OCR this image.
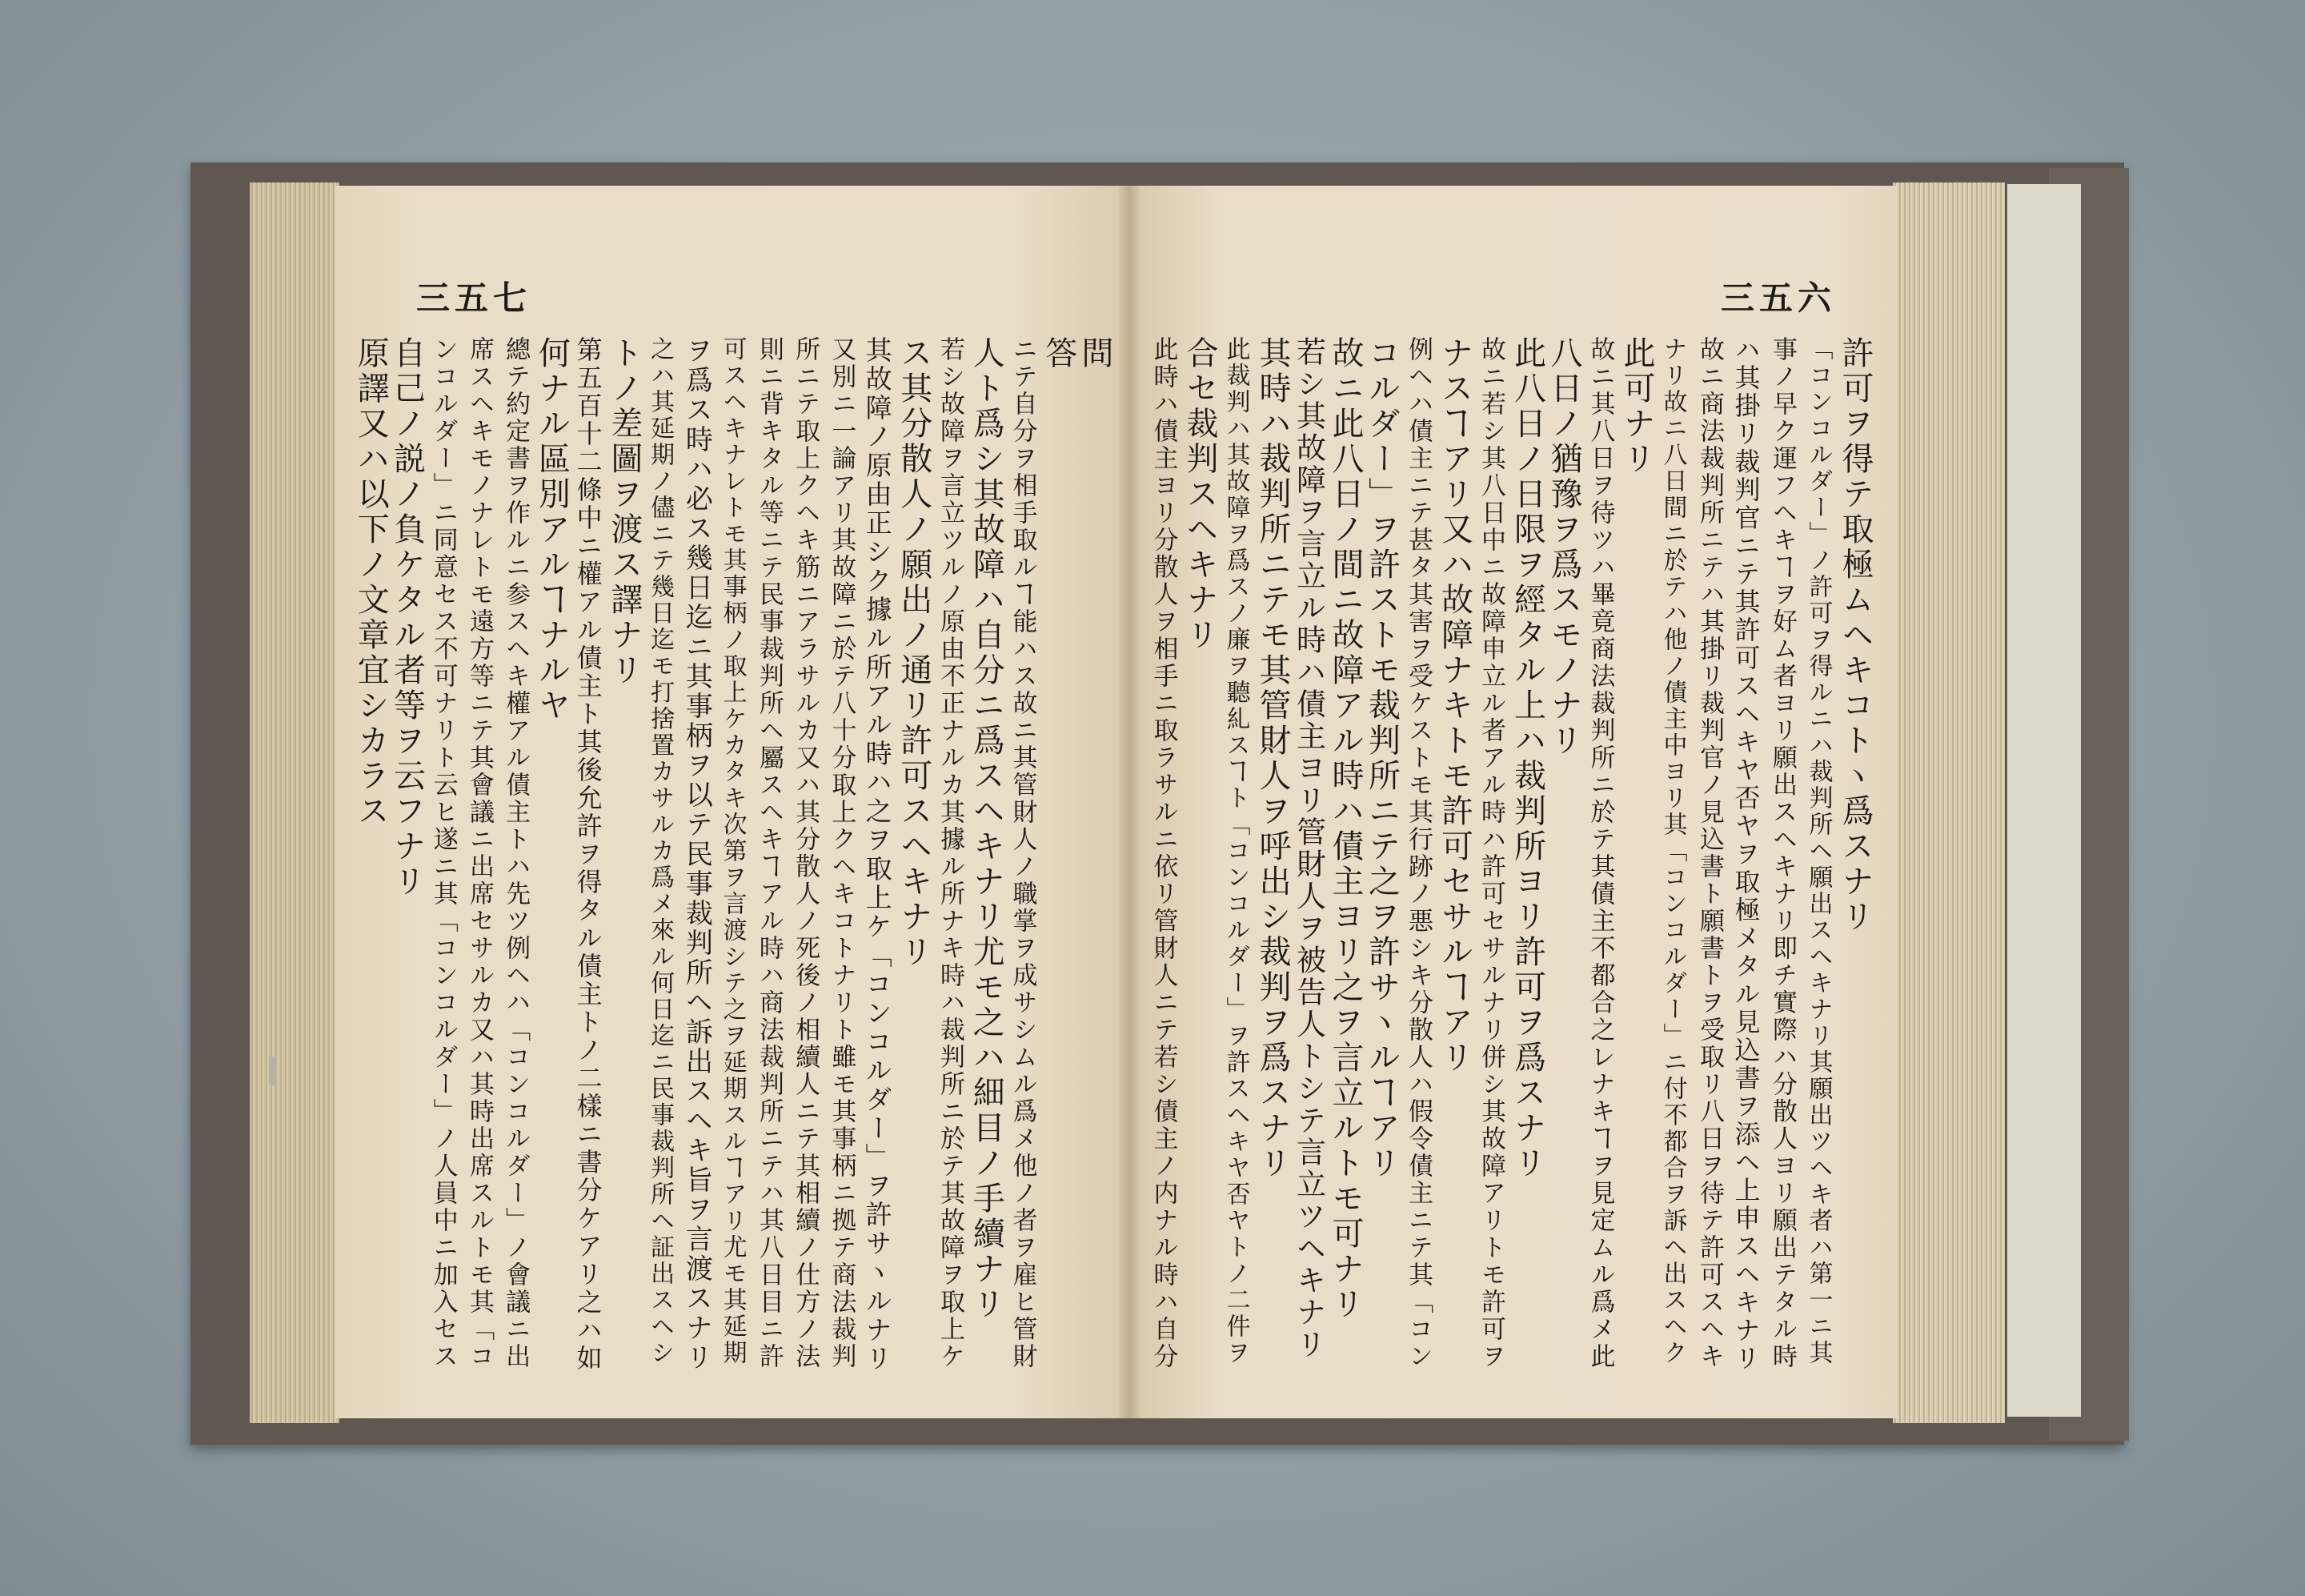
三五七	三五六
許可ヲ得テ取極ムヘキコトヽ爲スナリ
「コンコルダー」ノ許可ヲ得ルニハ裁判所ヘ願出スヘキナリ其願出ツヘキ者ハ第一ニ其
事ノ早ク運フヘキヿヲ好ム者ヨリ願出スヘキナリ即チ實際ハ分散人ヨリ願出テタル時
ハ其掛リ裁判官ニテ其許可スヘキヤ否ヤヲ取極メタル見込書ヲ添ヘ上申スヘキナリ
故ニ商法裁判所ニテハ其掛リ裁判官ノ見込書ト願書トヲ受取リ八日ヲ待テ許可スヘキ
ナリ故ニ八日間ニ於テハ他ノ債主中ヨリ其「コンコルダー」ニ付不都合ヲ訴ヘ出スヘク
此可ナリ
故ニ其八日ヲ待ツハ畢竟商法裁判所ニ於テ其債主不都合之レナキヿヲ見定ムル爲メ此
八日ノ猶豫ヲ爲スモノナリ
此八日ノ日限ヲ經タル上ハ裁判所ヨリ許可ヲ爲スナリ
故ニ若シ其八日中ニ故障申立ル者アル時ハ許可セサルナリ併シ其故障アリトモ許可ヲ
ナスヿアリ又ハ故障ナキトモ許可セサルヿアリ
例ヘハ債主ニテ甚タ其害ヲ受ケストモ其行跡ノ悪シキ分散人ハ假令債主ニテ其「コン
コルダー」ヲ許ストモ裁判所ニテ之ヲ許サヽルヿアリ
故ニ此八日ノ間ニ故障アル時ハ債主ヨリ之ヲ言立ルトモ可ナリ
若シ其故障ヲ言立ル時ハ債主ヨリ管財人ヲ被告人トシテ言立ツヘキナリ
ニテ自分ヲ相手取ルヿ能ハス故ニ其管財人ノ職掌ヲ成サシムル爲メ他ノ者ヲ雇ヒ管財
人ト爲シ其故障ハ自分ニ爲スヘキナリ尤モ之ハ細目ノ手續ナリ
若シ故障ヲ言立ツルノ原由不正ナルカ其據ル所ナキ時ハ裁判所ニ於テ其故障ヲ取上ケ
ス其分散人ノ願出ノ通リ許可スヘキナリ
其故障ノ原由正シク據ル所アル時ハ之ヲ取上ケ「コンコルダー」ヲ許サヽルナリ
又別ニ一論アリ其故障ニ於テ八十分取上クヘキコトナリト雖モ其事柄ニ拠テ商法裁判
所ニテ取上クヘキ筋ニアラサルカ又ハ其分散人ノ死後ノ相續人ニテ其相續ノ仕方ノ法
則ニ背キタル等ニテ民事裁判所ヘ屬スヘキヿアル時ハ商法裁判所ニテハ其八日目ニ許
可スヘキナレトモ其事柄ノ取上ケカタキ次第ヲ言渡シテ之ヲ延期スルヿアリ尤モ其延期
ヲ爲ス時ハ必ス幾日迄ニ其事柄ヲ以テ民事裁判所ヘ訴出スヘキ旨ヲ言渡スナリ
之ハ其延期ノ儘ニテ幾日迄モ打捨置カサルカ爲メ來ル何日迄ニ民事裁判所ヘ証出スヘシ
トノ差圖ヲ渡ス譯ナリ
第五百十二條中ニ權アル債主ト其後允許ヲ得タル債主トノ二樣ニ書分ケアリ之ハ如
何ナル區別アルヿナルヤ
總テ約定書ヲ作ルニ参スヘキ權アル債主トハ先ツ例ヘハ「コンコルダー」ノ會議ニ出
席スヘキモノナレトモ遠方等ニテ其會議ニ出席セサルカ又ハ其時出席スルトモ其「コ
ンコルダー」ニ同意セス不可ナリト云ヒ遂ニ其「コンコルダー」ノ人員中ニ加入セス	問
答
自己ノ説ノ負ケタル者等ヲ云フナリ
原譯又ハ以下ノ文章宜シカラス	其時ハ裁判所ニテモ其管財人ヲ呼出シ裁判ヲ爲スナリ
此裁判ハ其故障ヲ爲スノ廉ヲ聽糺スヿト「コンコルダー」ヲ許スヘキヤ否ヤトノ二件ヲ
合セ裁判スヘキナリ
此時ハ債主ヨリ分散人ヲ相手ニ取ラサルニ依リ管財人ニテ若シ債主ノ内ナル時ハ自分
